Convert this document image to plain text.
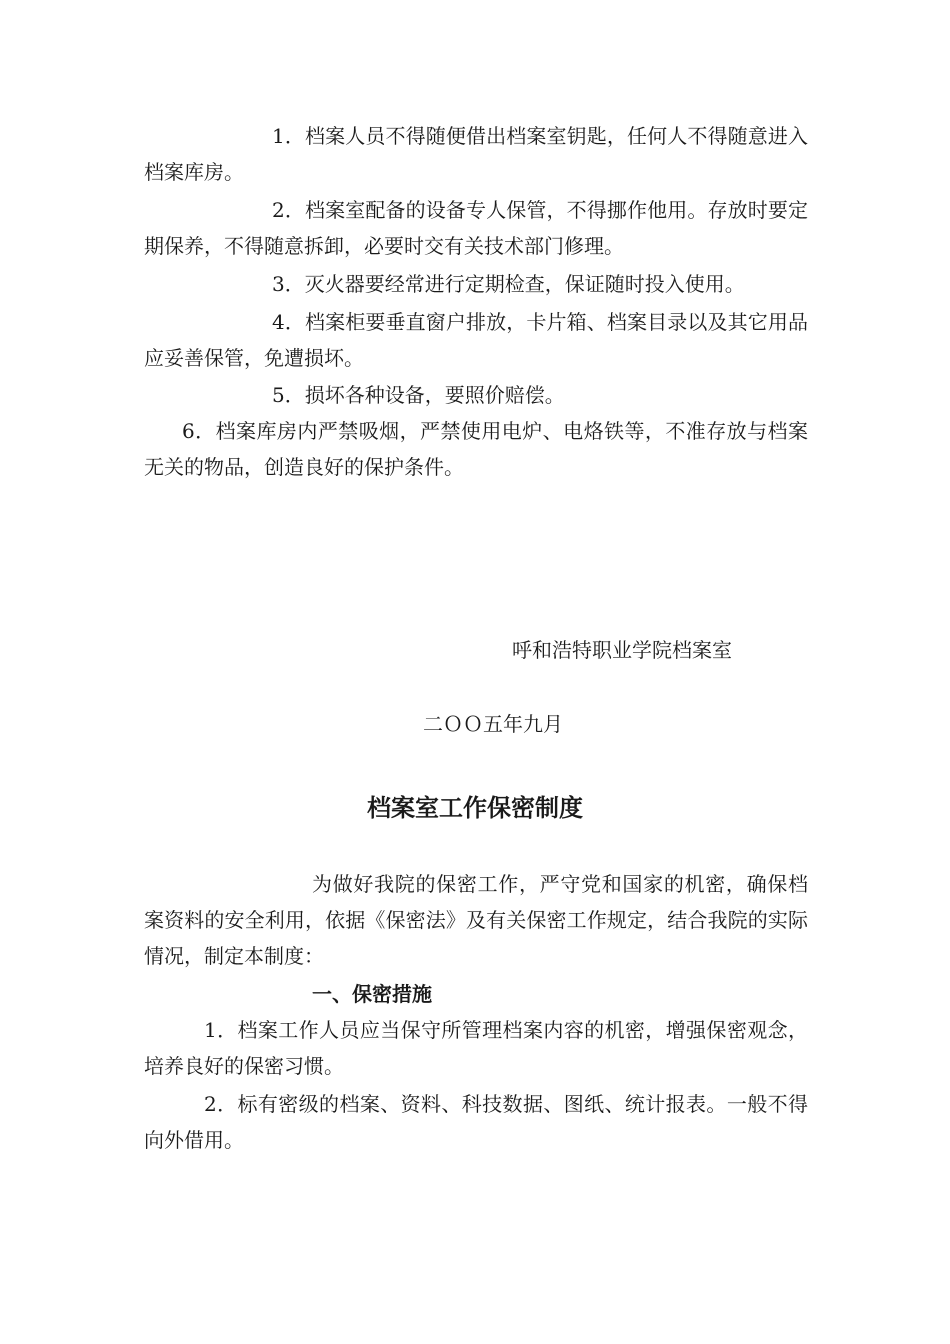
1．档案人员不得随便借出档案室钥匙，任何人不得随意进入档案库房。

2．档案室配备的设备专人保管，不得挪作他用。存放时要定期保养，不得随意拆卸，必要时交有关技术部门修理。

3．灭火器要经常进行定期检查，保证随时投入使用。

4．档案柜要垂直窗户排放，卡片箱、档案目录以及其它用品应妥善保管，免遭损坏。

5．损坏各种设备，要照价赔偿。

6．档案库房内严禁吸烟，严禁使用电炉、电烙铁等，不准存放与档案无关的物品，创造良好的保护条件。

呼和浩特职业学院档案室

二ＯＯ五年九月

档案室工作保密制度

为做好我院的保密工作，严守党和国家的机密，确保档案资料的安全利用，依据《保密法》及有关保密工作规定，结合我院的实际情况，制定本制度：

一、保密措施

1．档案工作人员应当保守所管理档案内容的机密，增强保密观念，培养良好的保密习惯。

2．标有密级的档案、资料、科技数据、图纸、统计报表。一般不得向外借用。
